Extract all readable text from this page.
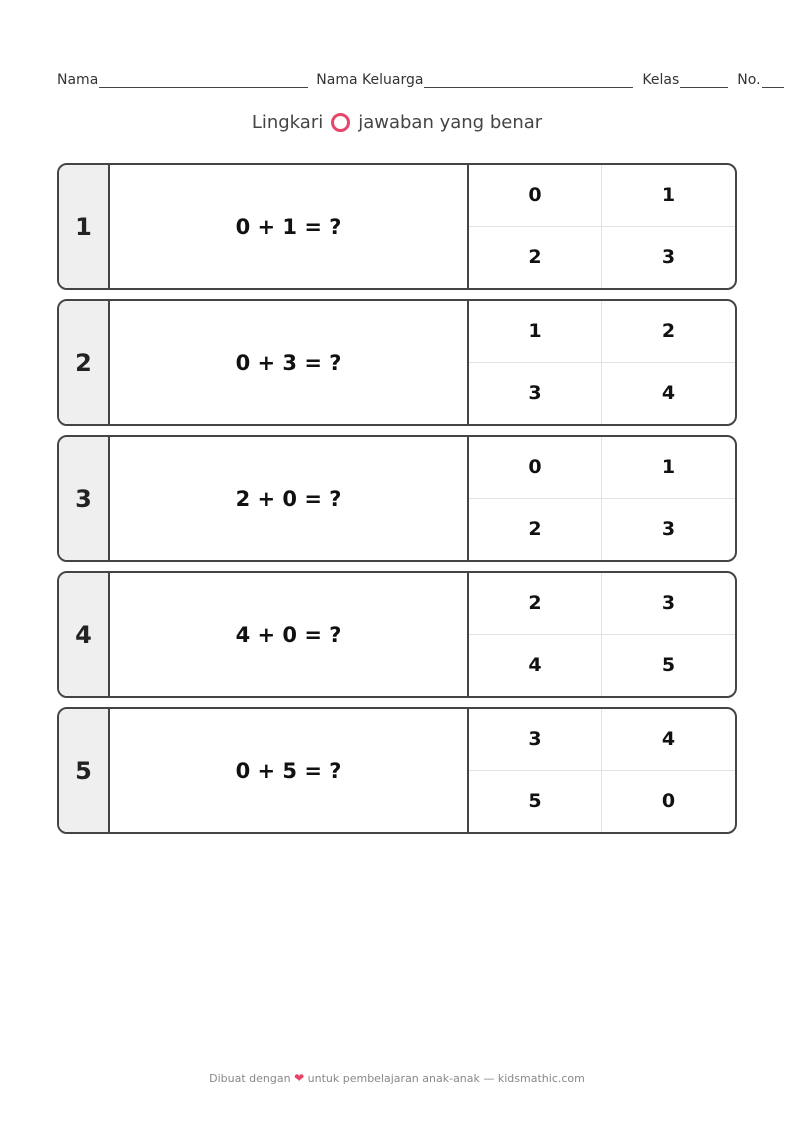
Nama	Nama Keluarga	Kelas	No.
Lingkari jawaban yang benar
1	0 + 1 = ?
0	1
2	3
2	0 + 3 = ?
1	2
3	4
3	2 + 0 = ?
0	1
2	3
4	4 + 0 = ?
2	3
4	5
5	0 + 5 = ?
3	4
5	0
Dibuat dengan ❤ untuk pembelajaran anak-anak — kidsmathic.com
